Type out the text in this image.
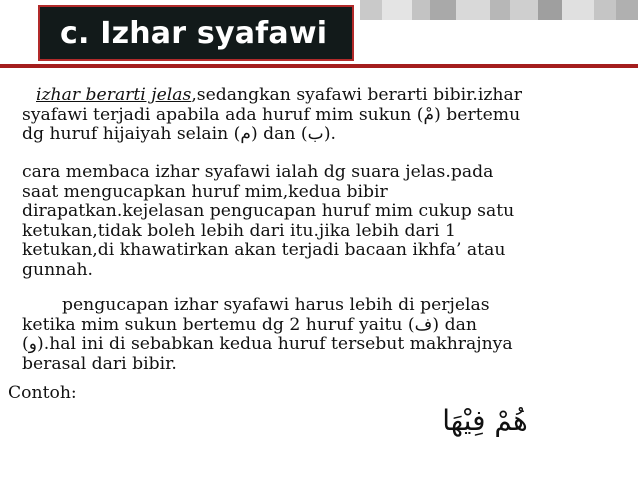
c. Izhar syafawi
izhar berarti jelas,sedangkan syafawi berarti bibir.izhar
syafawi terjadi apabila ada huruf mim sukun (مْ) bertemu
dg huruf hijaiyah selain (م) dan (ب).
cara membaca izhar syafawi ialah dg suara jelas.pada
saat mengucapkan huruf mim,kedua bibir
dirapatkan.kejelasan pengucapan huruf mim cukup satu
ketukan,tidak boleh lebih dari itu.jika lebih dari 1
ketukan,di khawatirkan akan terjadi bacaan ikhfa’ atau
gunnah.
pengucapan izhar syafawi harus lebih di perjelas
ketika mim sukun bertemu dg 2 huruf yaitu (ف) dan
(و).hal ini di sebabkan kedua huruf tersebut makhrajnya
berasal dari bibir.
Contoh:
هُمْ فِيْهَا
